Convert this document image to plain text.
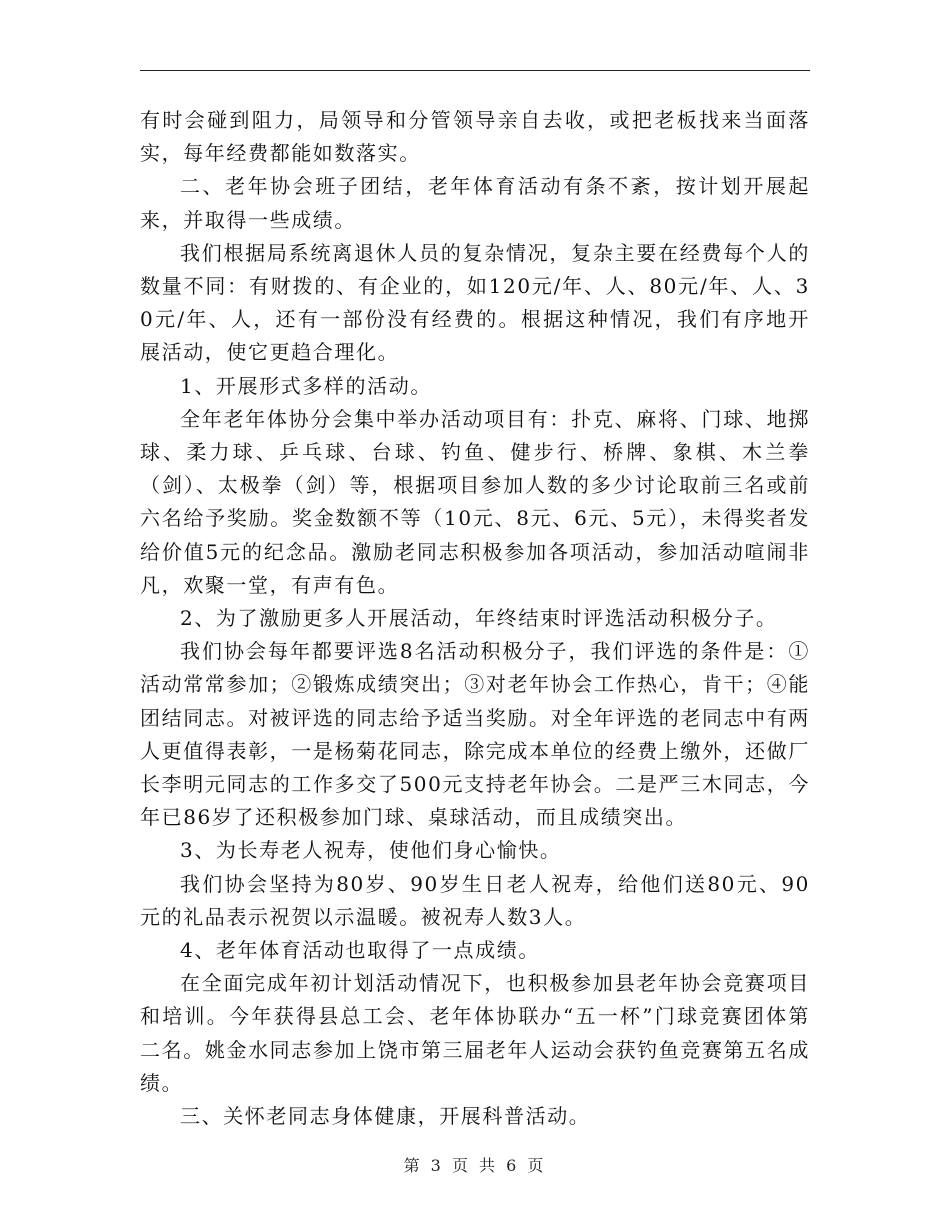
有时会碰到阻力，局领导和分管领导亲自去收，或把老板找来当面落实，每年经费都能如数落实。

二、老年协会班子团结，老年体育活动有条不紊，按计划开展起来，并取得一些成绩。

我们根据局系统离退休人员的复杂情况，复杂主要在经费每个人的数量不同：有财拨的、有企业的，如120元/年、人、80元/年、人、30元/年、人，还有一部份没有经费的。根据这种情况，我们有序地开展活动，使它更趋合理化。

1、开展形式多样的活动。

全年老年体协分会集中举办活动项目有：扑克、麻将、门球、地掷球、柔力球、乒乓球、台球、钓鱼、健步行、桥牌、象棋、木兰拳（剑）、太极拳（剑）等，根据项目参加人数的多少讨论取前三名或前六名给予奖励。奖金数额不等（10元、8元、6元、5元），未得奖者发给价值5元的纪念品。激励老同志积极参加各项活动，参加活动喧闹非凡，欢聚一堂，有声有色。

2、为了激励更多人开展活动，年终结束时评选活动积极分子。

我们协会每年都要评选8名活动积极分子，我们评选的条件是：①活动常常参加；②锻炼成绩突出；③对老年协会工作热心，肯干；④能团结同志。对被评选的同志给予适当奖励。对全年评选的老同志中有两人更值得表彰，一是杨菊花同志，除完成本单位的经费上缴外，还做厂长李明元同志的工作多交了500元支持老年协会。二是严三木同志，今年已86岁了还积极参加门球、桌球活动，而且成绩突出。

3、为长寿老人祝寿，使他们身心愉快。

我们协会坚持为80岁、90岁生日老人祝寿，给他们送80元、90元的礼品表示祝贺以示温暖。被祝寿人数3人。

4、老年体育活动也取得了一点成绩。

在全面完成年初计划活动情况下，也积极参加县老年协会竞赛项目和培训。今年获得县总工会、老年体协联办“五一杯”门球竞赛团体第二名。姚金水同志参加上饶市第三届老年人运动会获钓鱼竞赛第五名成绩。

三、关怀老同志身体健康，开展科普活动。

第 3 页 共 6 页
